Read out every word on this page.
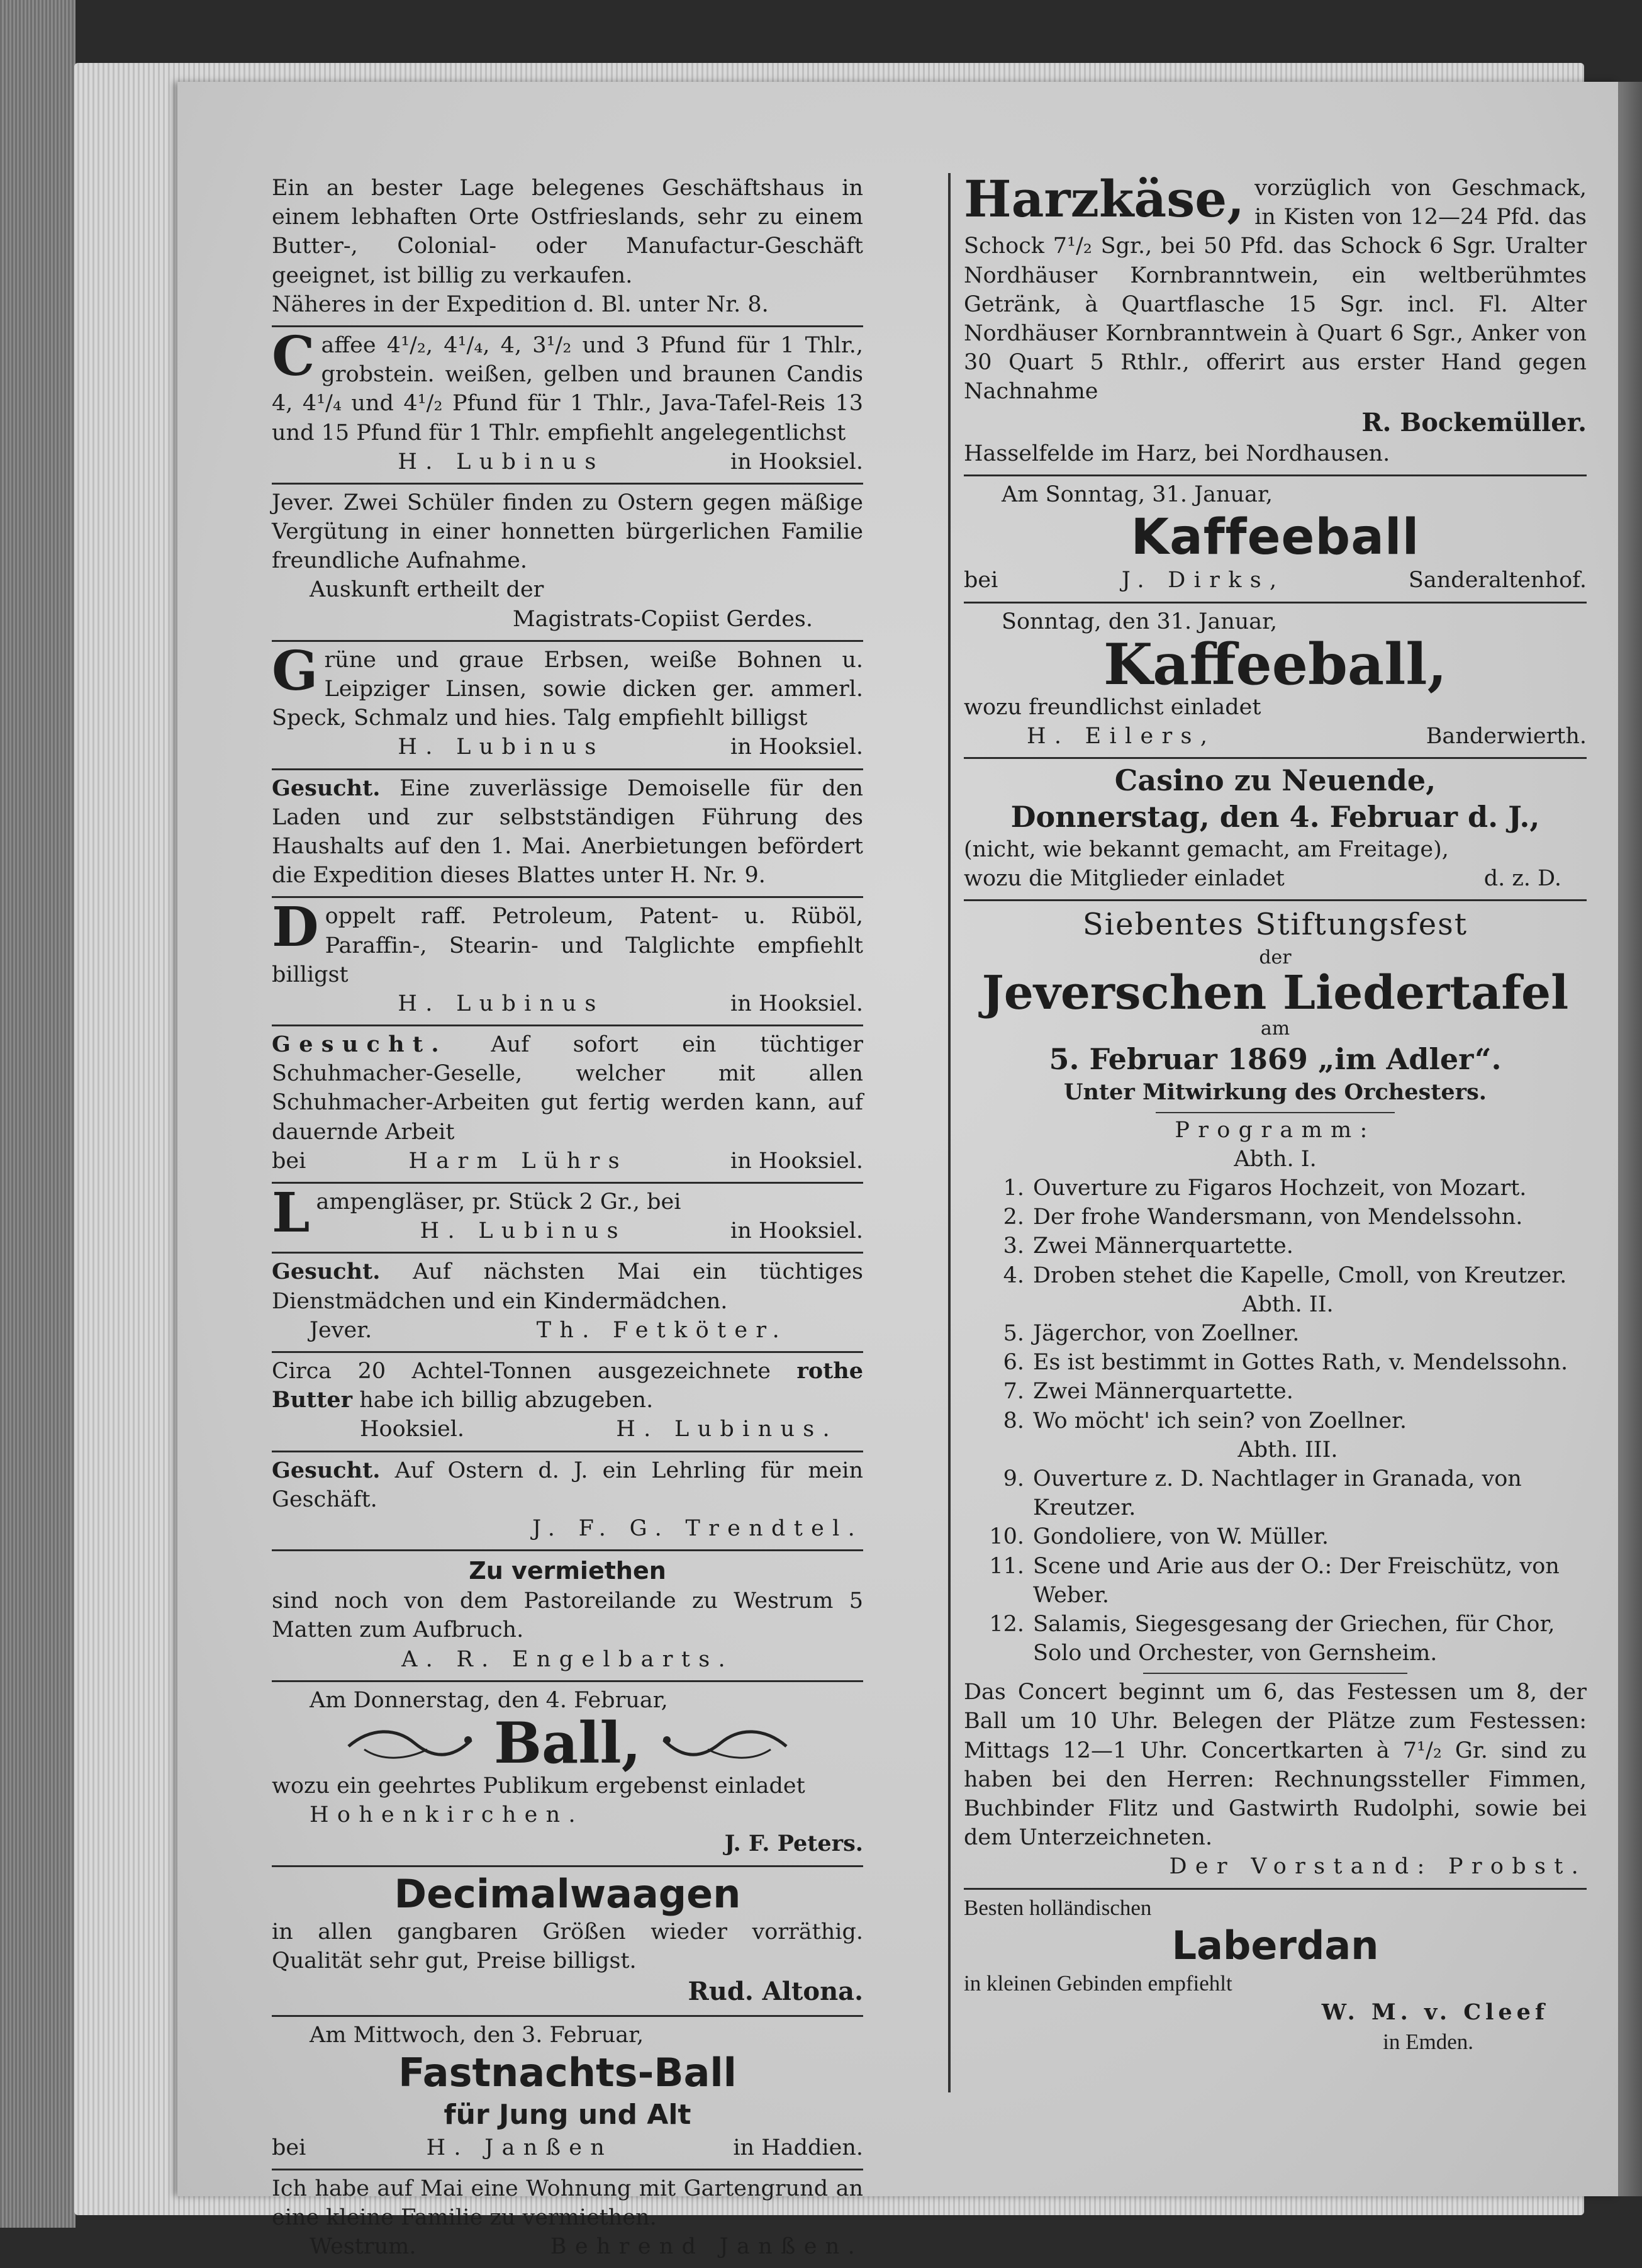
Ein an bester Lage belegenes Geschäftshaus in einem lebhaften Orte Ostfrieslands, sehr zu einem Butter-, Colonial- oder Manufactur-Geschäft geeignet, ist billig zu verkaufen.

Näheres in der Expedition d. Bl. unter Nr. 8.

C affee 4¹/₂, 4¹/₄, 4, 3¹/₂ und 3 Pfund für 1 Thlr., grobstein. weißen, gelben und braunen Candis 4, 4¹/₄ und 4¹/₂ Pfund für 1 Thlr., Java-Tafel-Reis 13 und 15 Pfund für 1 Thlr. empfiehlt angelegentlichst

H. Lubinus	in Hooksiel.

Jever. Zwei Schüler finden zu Ostern gegen mäßige Vergütung in einer honnetten bürgerlichen Familie freundliche Aufnahme.

Auskunft ertheilt der

Magistrats-Copiist Gerdes.
G rüne und graue Erbsen, weiße Bohnen u. Leipziger Linsen, sowie dicken ger. ammerl. Speck, Schmalz und hies. Talg empfiehlt billigst

H. Lubinus	in Hooksiel.

Gesucht. Eine zuverlässige Demoiselle für den Laden und zur selbstständigen Führung des Haushalts auf den 1. Mai. Anerbietungen befördert die Expedition dieses Blattes unter H. Nr. 9.

D oppelt raff. Petroleum, Patent- u. Rüböl, Paraffin-, Stearin- und Talglichte empfiehlt billigst

H. Lubinus	in Hooksiel.

Gesucht. Auf sofort ein tüchtiger Schuhmacher-Geselle, welcher mit allen Schuhmacher-Arbeiten gut fertig werden kann, auf dauernde Arbeit

bei	Harm Lührs	in Hooksiel.
L ampengläser, pr. Stück 2 Gr., bei

H. Lubinus	in Hooksiel.

Gesucht. Auf nächsten Mai ein tüchtiges Dienstmädchen und ein Kindermädchen.

Jever.	Th. Fetköter.

Circa 20 Achtel-Tonnen ausgezeichnete rothe Butter habe ich billig abzugeben.

Hooksiel.	H. Lubinus.

Gesucht. Auf Ostern d. J. ein Lehrling für mein Geschäft.

J. F. G. Trendtel.
Zu vermiethen

sind noch von dem Pastoreilande zu Westrum 5 Matten zum Aufbruch.

A. R. Engelbarts.

Am Donnerstag, den 4. Februar,

Ball,

wozu ein geehrtes Publikum ergebenst einladet

Hohenkirchen.

J. F. Peters.
Decimalwaagen

in allen gangbaren Größen wieder vorräthig. Qualität sehr gut, Preise billigst.

Rud. Altona.

Am Mittwoch, den 3. Februar,

Fastnachts-Ball
für Jung und Alt
bei	H. Janßen	in Haddien.

Ich habe auf Mai eine Wohnung mit Gartengrund an eine kleine Familie zu vermiethen.

Westrum.	Behrend Janßen.
Harzkäse, vorzüglich von Geschmack, in Kisten von 12—24 Pfd. das Schock 7¹/₂ Sgr., bei 50 Pfd. das Schock 6 Sgr. Uralter Nordhäuser Kornbranntwein, ein weltberühmtes Getränk, à Quartflasche 15 Sgr. incl. Fl. Alter Nordhäuser Kornbranntwein à Quart 6 Sgr., Anker von 30 Quart 5 Rthlr., offerirt aus erster Hand gegen Nachnahme

R. Bockemüller.

Hasselfelde im Harz, bei Nordhausen.

Am Sonntag, 31. Januar,

Kaffeeball
bei	J. Dirks,	Sanderaltenhof.

Sonntag, den 31. Januar,

Kaffeeball,

wozu freundlichst einladet

H. Eilers,	Banderwierth.
Casino zu Neuende,
Donnerstag, den 4. Februar d. J.,

(nicht, wie bekannt gemacht, am Freitage),

wozu die Mitglieder einladet	d. z. D.
Siebentes Stiftungsfest
der
Jeverschen Liedertafel
am
5. Februar 1869 „im Adler“.
Unter Mitwirkung des Orchesters.
Programm:
Abth. I.
1. Ouverture zu Figaros Hochzeit, von Mozart.
2. Der frohe Wandersmann, von Mendelssohn.
3. Zwei Männerquartette.
4. Droben stehet die Kapelle, Cmoll, von Kreutzer.
Abth. II.
5. Jägerchor, von Zoellner.
6. Es ist bestimmt in Gottes Rath, v. Mendelssohn.
7. Zwei Männerquartette.
8. Wo möcht' ich sein? von Zoellner.
Abth. III.
9. Ouverture z. D. Nachtlager in Granada, von Kreutzer.
10. Gondoliere, von W. Müller.
11. Scene und Arie aus der O.: Der Freischütz, von Weber.
12. Salamis, Siegesgesang der Griechen, für Chor, Solo und Orchester, von Gernsheim.

Das Concert beginnt um 6, das Festessen um 8, der Ball um 10 Uhr. Belegen der Plätze zum Festessen: Mittags 12—1 Uhr. Concertkarten à 7¹/₂ Gr. sind zu haben bei den Herren: Rechnungssteller Fimmen, Buchbinder Flitz und Gastwirth Rudolphi, sowie bei dem Unterzeichneten.

Der Vorstand: Probst.

Besten holländischen

Laberdan

in kleinen Gebinden empfiehlt

W. M. v. Cleef
in Emden.
